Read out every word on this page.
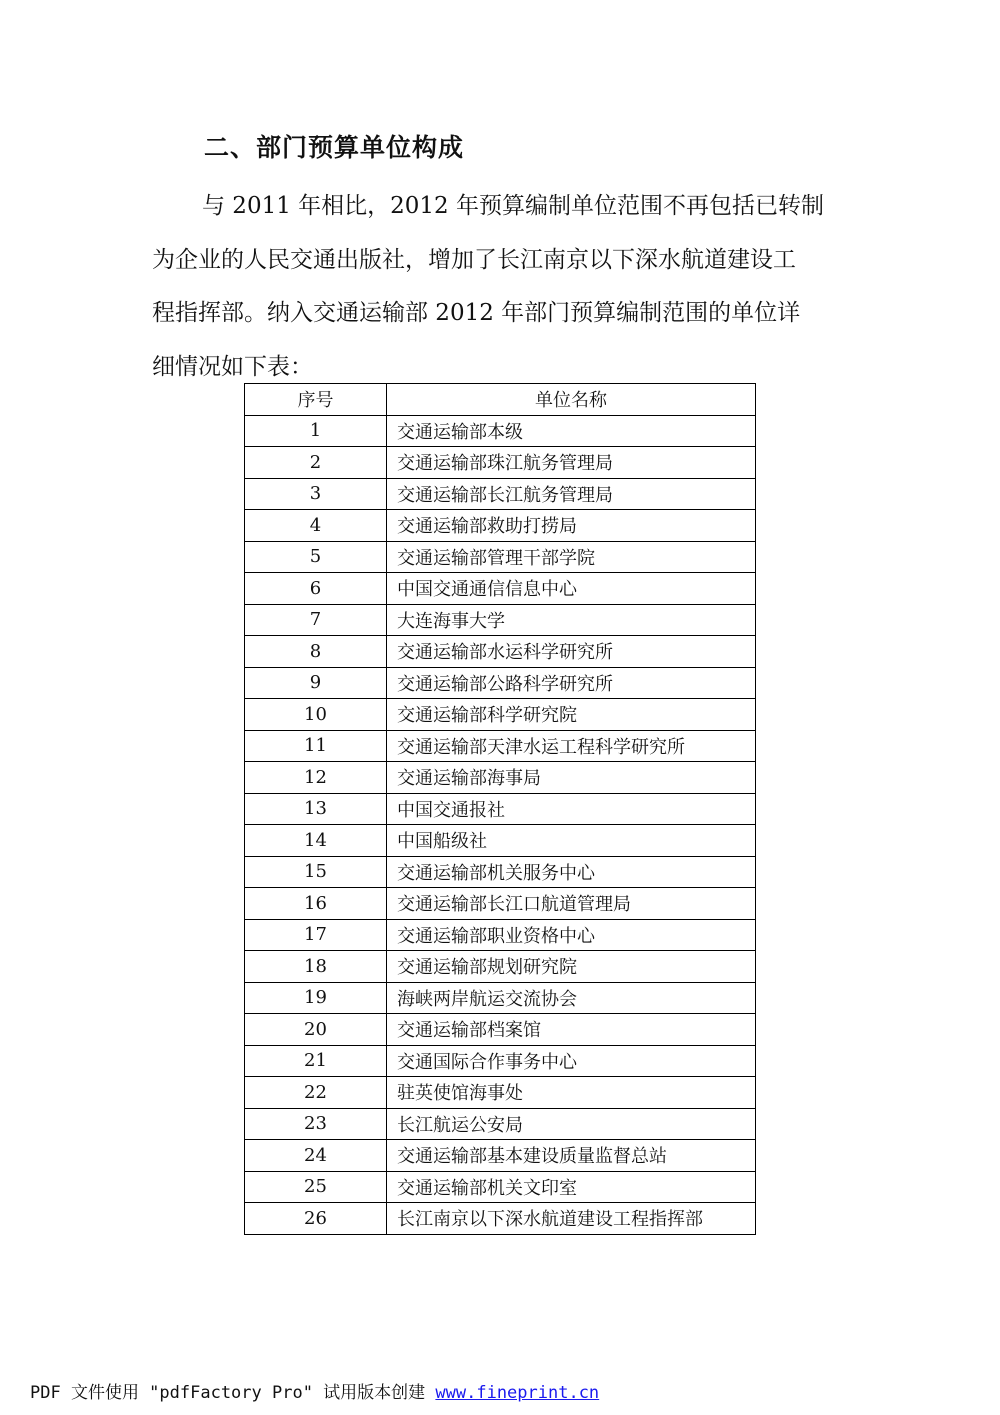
二、部门预算单位构成
与 2011 年相比，2012 年预算编制单位范围不再包括已转制
为企业的人民交通出版社，增加了长江南京以下深水航道建设工
程指挥部。纳入交通运输部 2012 年部门预算编制范围的单位详
细情况如下表：
序号	单位名称
1	交通运输部本级
2	交通运输部珠江航务管理局
3	交通运输部长江航务管理局
4	交通运输部救助打捞局
5	交通运输部管理干部学院
6	中国交通通信信息中心
7	大连海事大学
8	交通运输部水运科学研究所
9	交通运输部公路科学研究所
10	交通运输部科学研究院
11	交通运输部天津水运工程科学研究所
12	交通运输部海事局
13	中国交通报社
14	中国船级社
15	交通运输部机关服务中心
16	交通运输部长江口航道管理局
17	交通运输部职业资格中心
18	交通运输部规划研究院
19	海峡两岸航运交流协会
20	交通运输部档案馆
21	交通国际合作事务中心
22	驻英使馆海事处
23	长江航运公安局
24	交通运输部基本建设质量监督总站
25	交通运输部机关文印室
26	长江南京以下深水航道建设工程指挥部
PDF 文件使用 "pdfFactory Pro" 试用版本创建 www.fineprint.cn
